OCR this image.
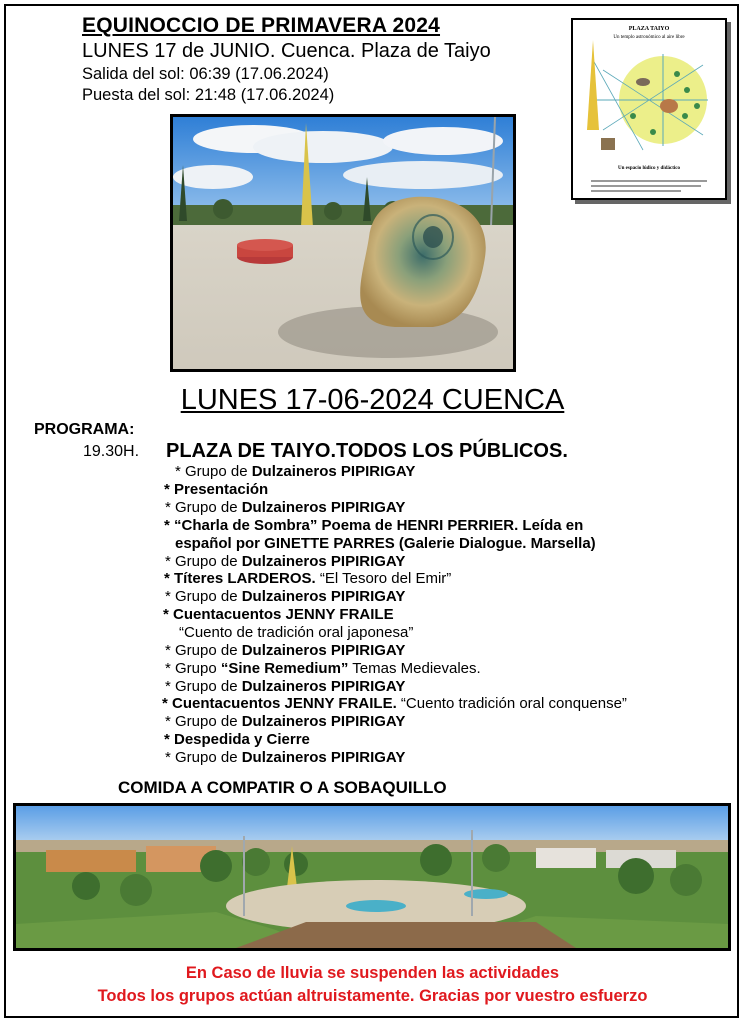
EQUINOCCIO DE PRIMAVERA 2024
LUNES 17 de JUNIO. Cuenca. Plaza de Taiyo
Salida del sol: 06:39 (17.06.2024)
Puesta del sol: 21:48 (17.06.2024)
PLAZA TAIYO
Un templo astronómico al aire libre
Un espacio lúdico y didáctico
LUNES 17-06-2024 CUENCA
PROGRAMA:
19.30H. PLAZA DE TAIYO.TODOS LOS PÚBLICOS.
* Grupo de Dulzaineros PIPIRIGAY
* Presentación
* Grupo de Dulzaineros PIPIRIGAY
* “Charla de Sombra” Poema de HENRI PERRIER. Leída en
español por GINETTE PARRES (Galerie Dialogue. Marsella)
* Grupo de Dulzaineros PIPIRIGAY
* Títeres LARDEROS. “El Tesoro del Emir”
* Grupo de Dulzaineros PIPIRIGAY
* Cuentacuentos JENNY FRAILE
“Cuento de tradición oral japonesa”
* Grupo de Dulzaineros PIPIRIGAY
* Grupo “Sine Remedium” Temas Medievales.
* Grupo de Dulzaineros PIPIRIGAY
* Cuentacuentos JENNY FRAILE. “Cuento tradición oral conquense”
* Grupo de Dulzaineros PIPIRIGAY
* Despedida y Cierre
* Grupo de Dulzaineros PIPIRIGAY
COMIDA A COMPATIR O A SOBAQUILLO
En Caso de lluvia se suspenden las actividades
Todos los grupos actúan altruistamente. Gracias por vuestro esfuerzo
